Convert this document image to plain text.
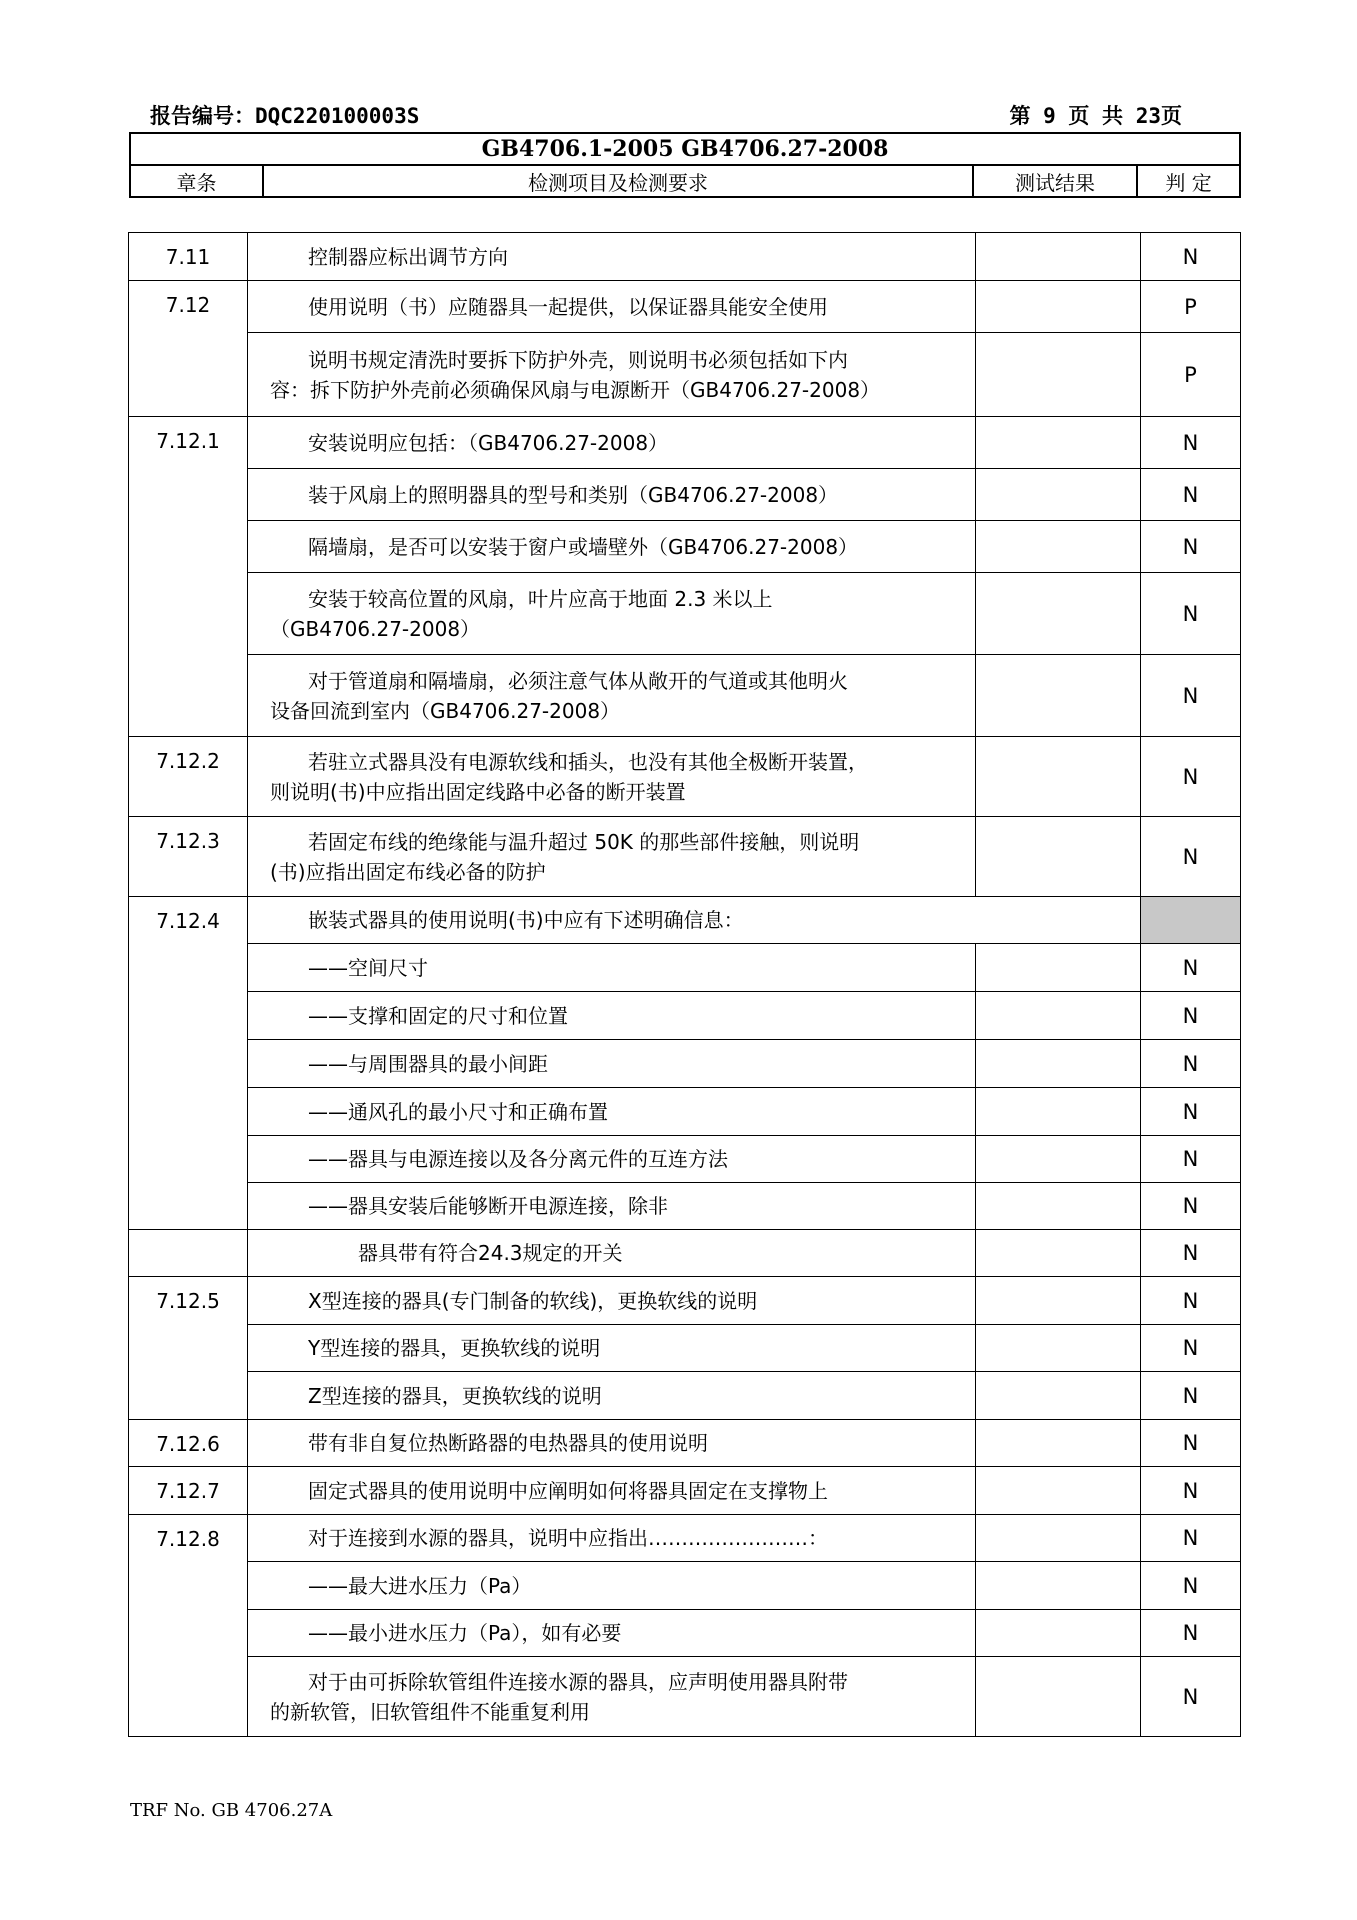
报告编号：DQC220100003S	第 9 页 共 23页
GB4706.1-2005 GB4706.27-2008
章条	检测项目及检测要求	测试结果	判 定
7.11	控制器应标出调节方向		N
7.12	使用说明（书）应随器具一起提供，以保证器具能安全使用		P
	说明书规定清洗时要拆下防护外壳，则说明书必须包括如下内
容：拆下防护外壳前必须确保风扇与电源断开（GB4706.27-2008）		P
7.12.1	安装说明应包括：（GB4706.27-2008）		N
	装于风扇上的照明器具的型号和类别（GB4706.27-2008）		N
	隔墙扇，是否可以安装于窗户或墙壁外（GB4706.27-2008）		N
	安装于较高位置的风扇，叶片应高于地面 2.3 米以上
（GB4706.27-2008）		N
	对于管道扇和隔墙扇，必须注意气体从敞开的气道或其他明火
设备回流到室内（GB4706.27-2008）		N
7.12.2	若驻立式器具没有电源软线和插头，也没有其他全极断开装置，
则说明(书)中应指出固定线路中必备的断开装置		N
7.12.3	若固定布线的绝缘能与温升超过 50K 的那些部件接触，则说明
(书)应指出固定布线必备的防护		N
7.12.4	嵌装式器具的使用说明(书)中应有下述明确信息：		
	——空间尺寸		N
	——支撑和固定的尺寸和位置		N
	——与周围器具的最小间距		N
	——通风孔的最小尺寸和正确布置		N
	——器具与电源连接以及各分离元件的互连方法		N
	——器具安装后能够断开电源连接，除非		N
	器具带有符合24.3规定的开关		N
7.12.5	X型连接的器具(专门制备的软线)，更换软线的说明		N
	Y型连接的器具，更换软线的说明		N
	Z型连接的器具，更换软线的说明		N
7.12.6	带有非自复位热断路器的电热器具的使用说明		N
7.12.7	固定式器具的使用说明中应阐明如何将器具固定在支撑物上		N
7.12.8	对于连接到水源的器具，说明中应指出……………………：		N
	——最大进水压力（Pa）		N
	——最小进水压力（Pa），如有必要		N
	对于由可拆除软管组件连接水源的器具，应声明使用器具附带
的新软管，旧软管组件不能重复利用		N
TRF No. GB 4706.27A
